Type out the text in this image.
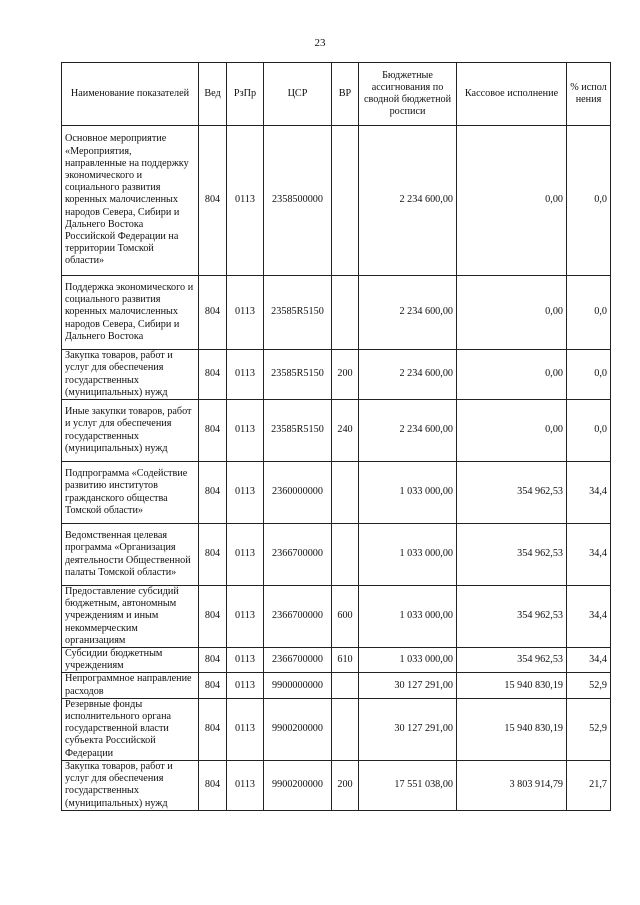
23
Наименование показателей	Вед	РзПр	ЦСР	ВР	Бюджетные ассигнования по сводной бюджетной росписи	Кассовое исполнение	% испол нения
Основное мероприятие «Мероприятия, направленные на поддержку экономического и социального развития коренных малочисленных народов Севера, Сибири и Дальнего Востока Российской Федерации на территории Томской области»	804	0113	2358500000		2 234 600,00	0,00	0,0
Поддержка экономического и социального развития коренных малочисленных народов Севера, Сибири и Дальнего Востока	804	0113	23585R5150		2 234 600,00	0,00	0,0
Закупка товаров, работ и услуг для обеспечения государственных (муниципальных) нужд	804	0113	23585R5150	200	2 234 600,00	0,00	0,0
Иные закупки товаров, работ и услуг для обеспечения государственных (муниципальных) нужд	804	0113	23585R5150	240	2 234 600,00	0,00	0,0
Подпрограмма «Содействие развитию институтов гражданского общества Томской области»	804	0113	2360000000		1 033 000,00	354 962,53	34,4
Ведомственная целевая программа «Организация деятельности Общественной палаты Томской области»	804	0113	2366700000		1 033 000,00	354 962,53	34,4
Предоставление субсидий бюджетным, автономным учреждениям и иным некоммерческим организациям	804	0113	2366700000	600	1 033 000,00	354 962,53	34,4
Субсидии бюджетным учреждениям	804	0113	2366700000	610	1 033 000,00	354 962,53	34,4
Непрограммное направление расходов	804	0113	9900000000		30 127 291,00	15 940 830,19	52,9
Резервные фонды исполнительного органа государственной власти субъекта Российской Федерации	804	0113	9900200000		30 127 291,00	15 940 830,19	52,9
Закупка товаров, работ и услуг для обеспечения государственных (муниципальных) нужд	804	0113	9900200000	200	17 551 038,00	3 803 914,79	21,7
